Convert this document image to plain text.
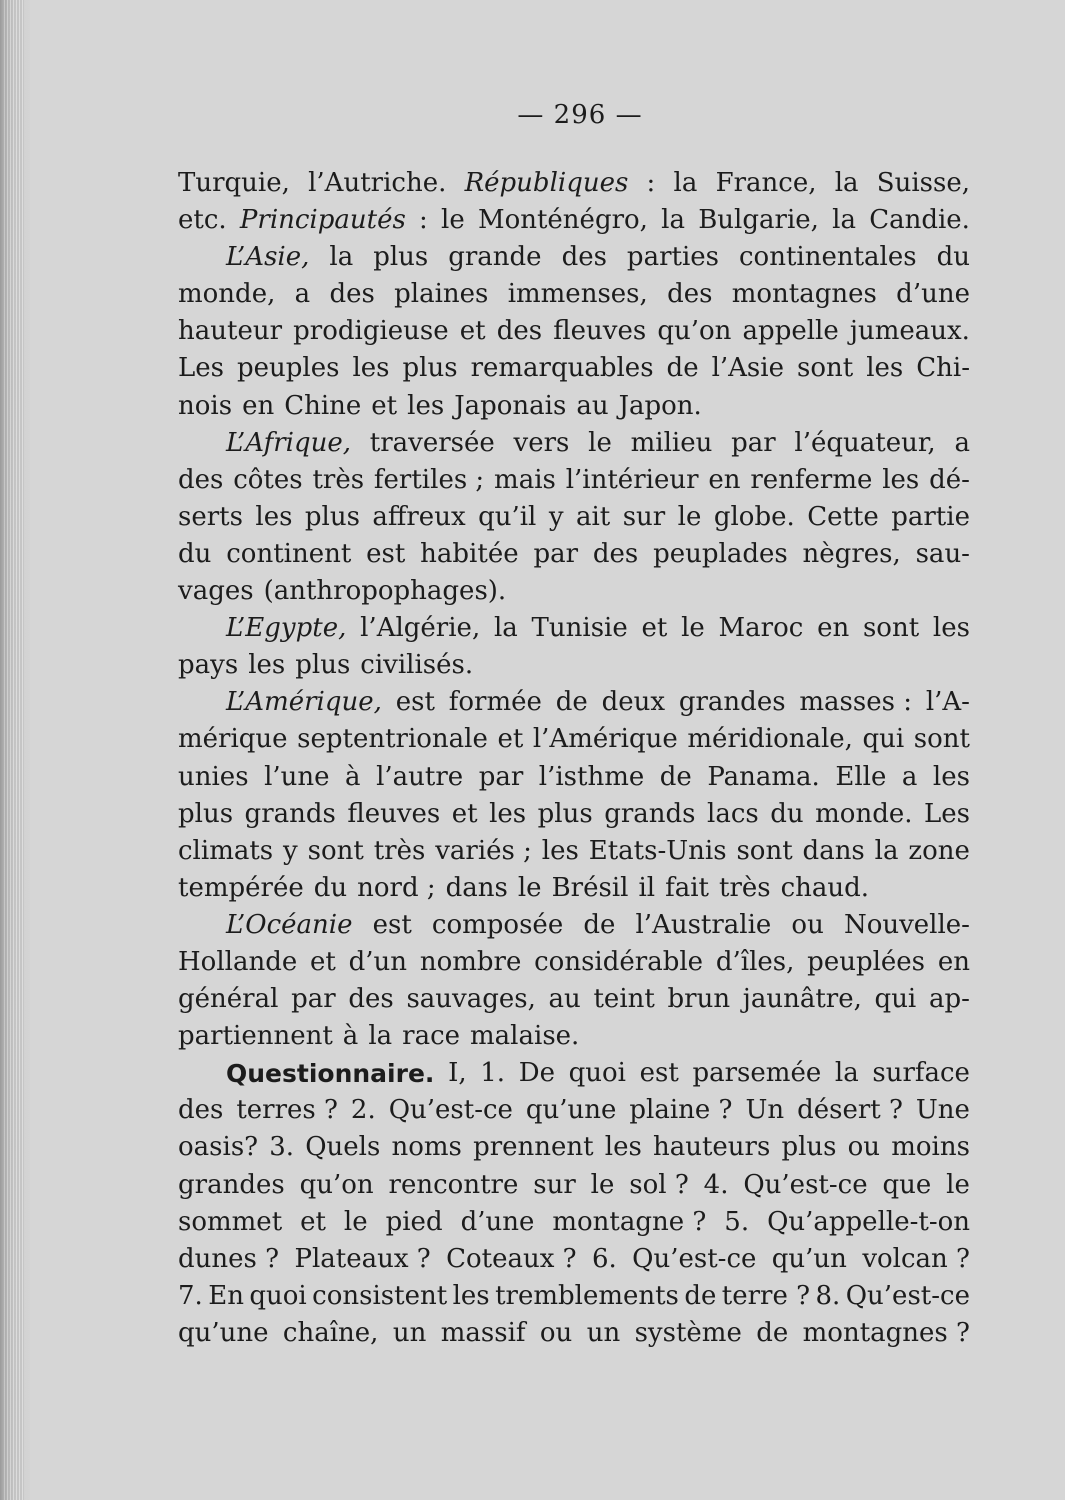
— 296 —
Turquie, l’Autriche. Républiques : la France, la Suisse,
etc. Principautés : le Monténégro, la Bulgarie, la Candie.
L’Asie, la plus grande des parties continentales du
monde, a des plaines immenses, des montagnes d’une
hauteur prodigieuse et des fleuves qu’on appelle jumeaux.
Les peuples les plus remarquables de l’Asie sont les Chi-
nois en Chine et les Japonais au Japon.
L’Afrique, traversée vers le milieu par l’équateur, a
des côtes très fertiles ; mais l’intérieur en renferme les dé-
serts les plus affreux qu’il y ait sur le globe. Cette partie
du continent est habitée par des peuplades nègres, sau-
vages (anthropophages).
L’Egypte, l’Algérie, la Tunisie et le Maroc en sont les
pays les plus civilisés.
L’Amérique, est formée de deux grandes masses : l’A-
mérique septentrionale et l’Amérique méridionale, qui sont
unies l’une à l’autre par l’isthme de Panama. Elle a les
plus grands fleuves et les plus grands lacs du monde. Les
climats y sont très variés ; les Etats-Unis sont dans la zone
tempérée du nord ; dans le Brésil il fait très chaud.
L’Océanie est composée de l’Australie ou Nouvelle-
Hollande et d’un nombre considérable d’îles, peuplées en
général par des sauvages, au teint brun jaunâtre, qui ap-
partiennent à la race malaise.
Questionnaire. I, 1. De quoi est parsemée la surface
des terres ? 2. Qu’est-ce qu’une plaine ? Un désert ? Une
oasis? 3. Quels noms prennent les hauteurs plus ou moins
grandes qu’on rencontre sur le sol ? 4. Qu’est-ce que le
sommet et le pied d’une montagne ? 5. Qu’appelle-t-on
dunes ? Plateaux ? Coteaux ? 6. Qu’est-ce qu’un volcan ?
7. En quoi consistent les tremblements de terre ? 8. Qu’est-ce
qu’une chaîne, un massif ou un système de montagnes ?
